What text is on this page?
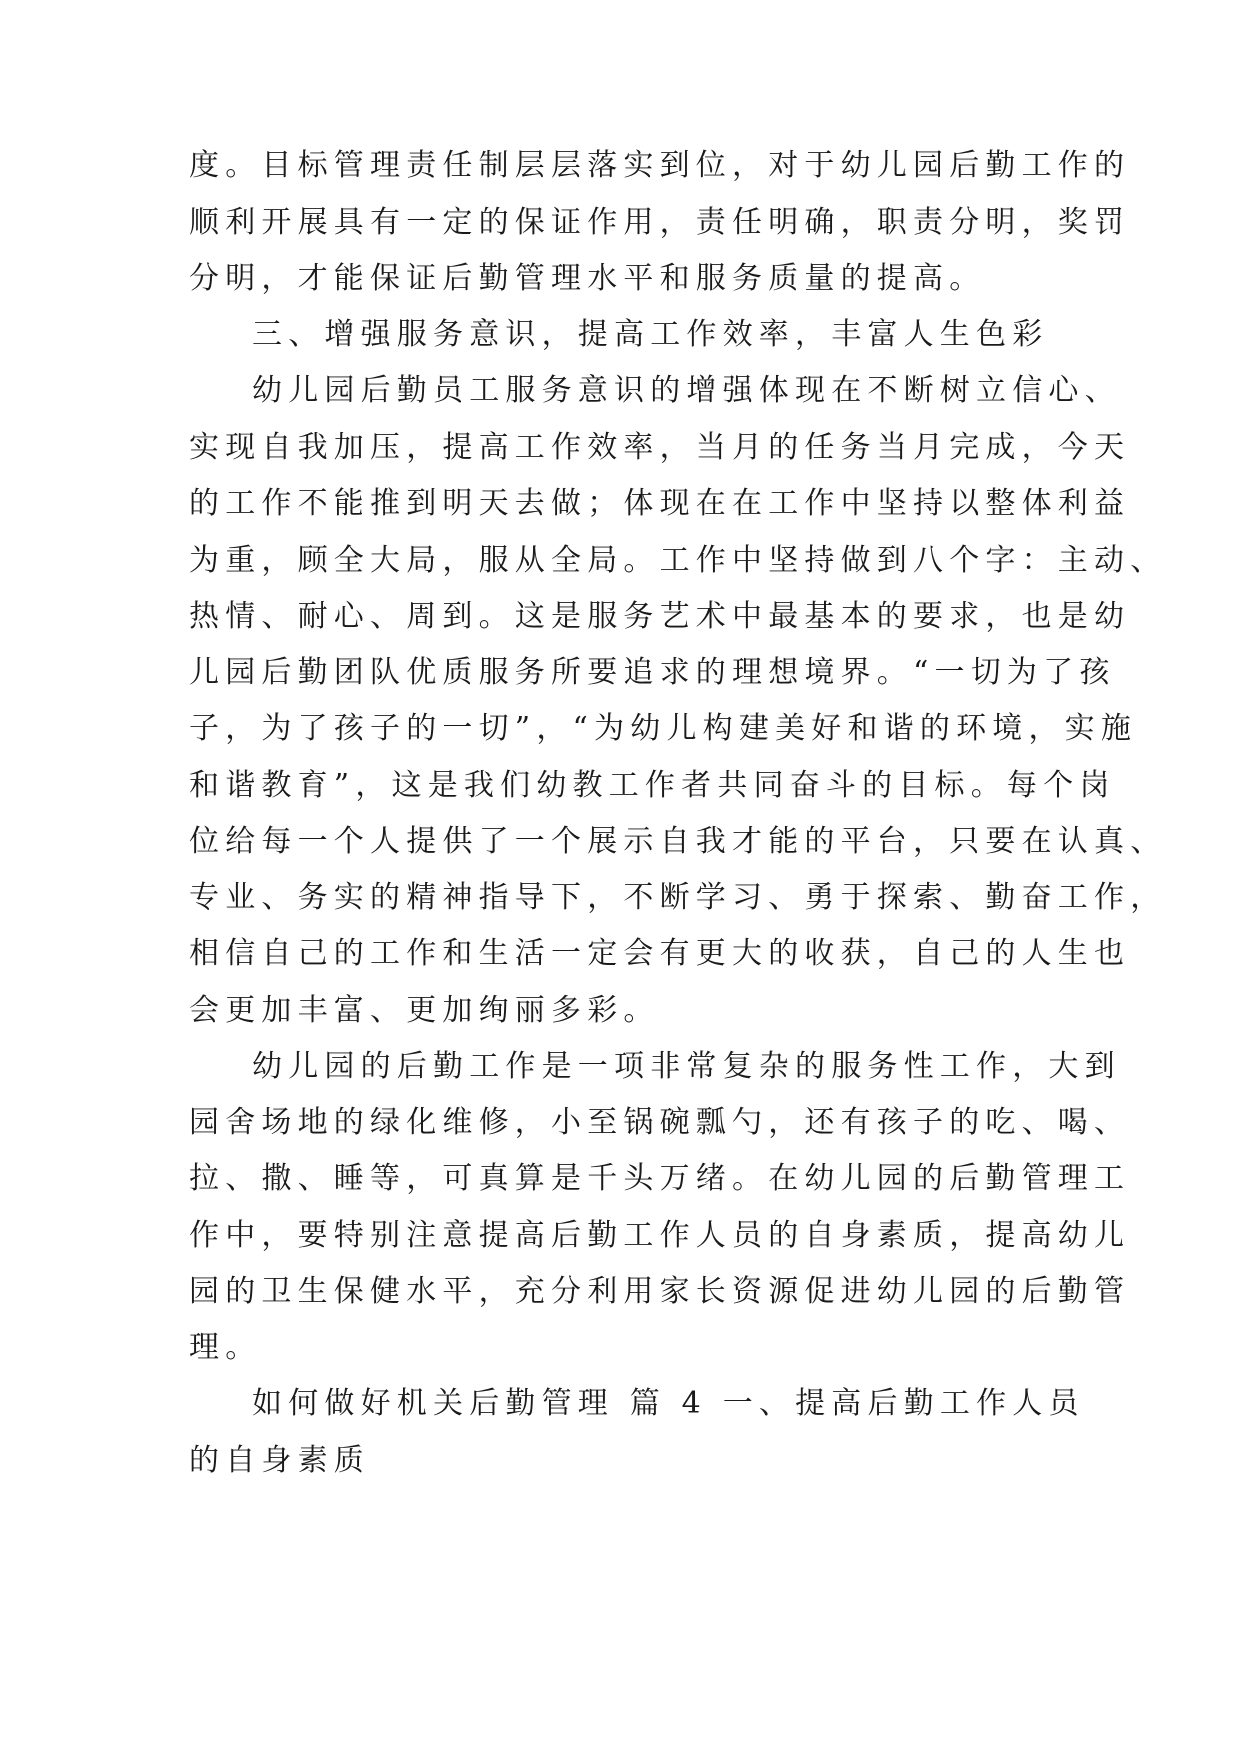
度。目标管理责任制层层落实到位，对于幼儿园后勤工作的
顺利开展具有一定的保证作用，责任明确，职责分明，奖罚
分明，才能保证后勤管理水平和服务质量的提高。
三、增强服务意识，提高工作效率，丰富人生色彩
幼儿园后勤员工服务意识的增强体现在不断树立信心、
实现自我加压，提高工作效率，当月的任务当月完成，今天
的工作不能推到明天去做；体现在在工作中坚持以整体利益
为重，顾全大局，服从全局。工作中坚持做到八个字：主动、
热情、耐心、周到。这是服务艺术中最基本的要求，也是幼
儿园后勤团队优质服务所要追求的理想境界。“一切为了孩
子，为了孩子的一切”，“为幼儿构建美好和谐的环境，实施
和谐教育”，这是我们幼教工作者共同奋斗的目标。每个岗
位给每一个人提供了一个展示自我才能的平台，只要在认真、
专业、务实的精神指导下，不断学习、勇于探索、勤奋工作，
相信自己的工作和生活一定会有更大的收获，自己的人生也
会更加丰富、更加绚丽多彩。
幼儿园的后勤工作是一项非常复杂的服务性工作，大到
园舍场地的绿化维修，小至锅碗瓢勺，还有孩子的吃、喝、
拉、撒、睡等，可真算是千头万绪。在幼儿园的后勤管理工
作中，要特别注意提高后勤工作人员的自身素质，提高幼儿
园的卫生保健水平，充分利用家长资源促进幼儿园的后勤管
理。
如何做好机关后勤管理 篇 4 一、提高后勤工作人员
的自身素质
